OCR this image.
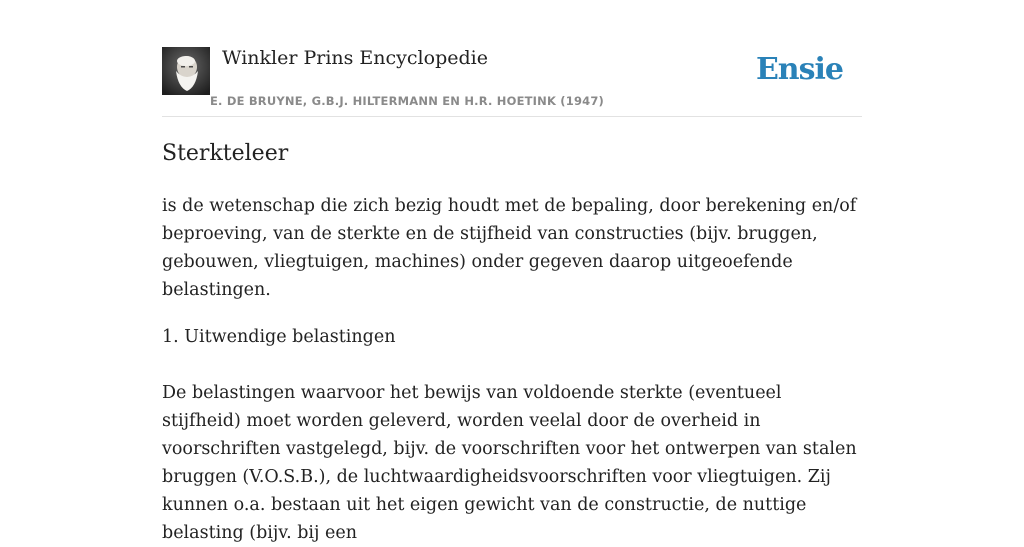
Winkler Prins Encyclopedie
E. DE BRUYNE, G.B.J. HILTERMANN EN H.R. HOETINK (1947)
Ensie
Sterkteleer

is de wetenschap die zich bezig houdt met de bepaling, door berekening en/of beproeving, van de sterkte en de stijfheid van constructies (bijv. bruggen, gebouwen, vliegtuigen, machines) onder gegeven daarop uitgeoefende belastingen.

1. Uitwendige belastingen

De belastingen waarvoor het bewijs van voldoende sterkte (eventueel stijfheid) moet worden geleverd, worden veelal door de overheid in voorschriften vastgelegd, bijv. de voorschriften voor het ontwerpen van stalen bruggen (V.O.S.B.), de luchtwaardigheidsvoorschriften voor vliegtuigen. Zij kunnen o.a. bestaan uit het eigen gewicht van de constructie, de nuttige belasting (bijv. bij een
